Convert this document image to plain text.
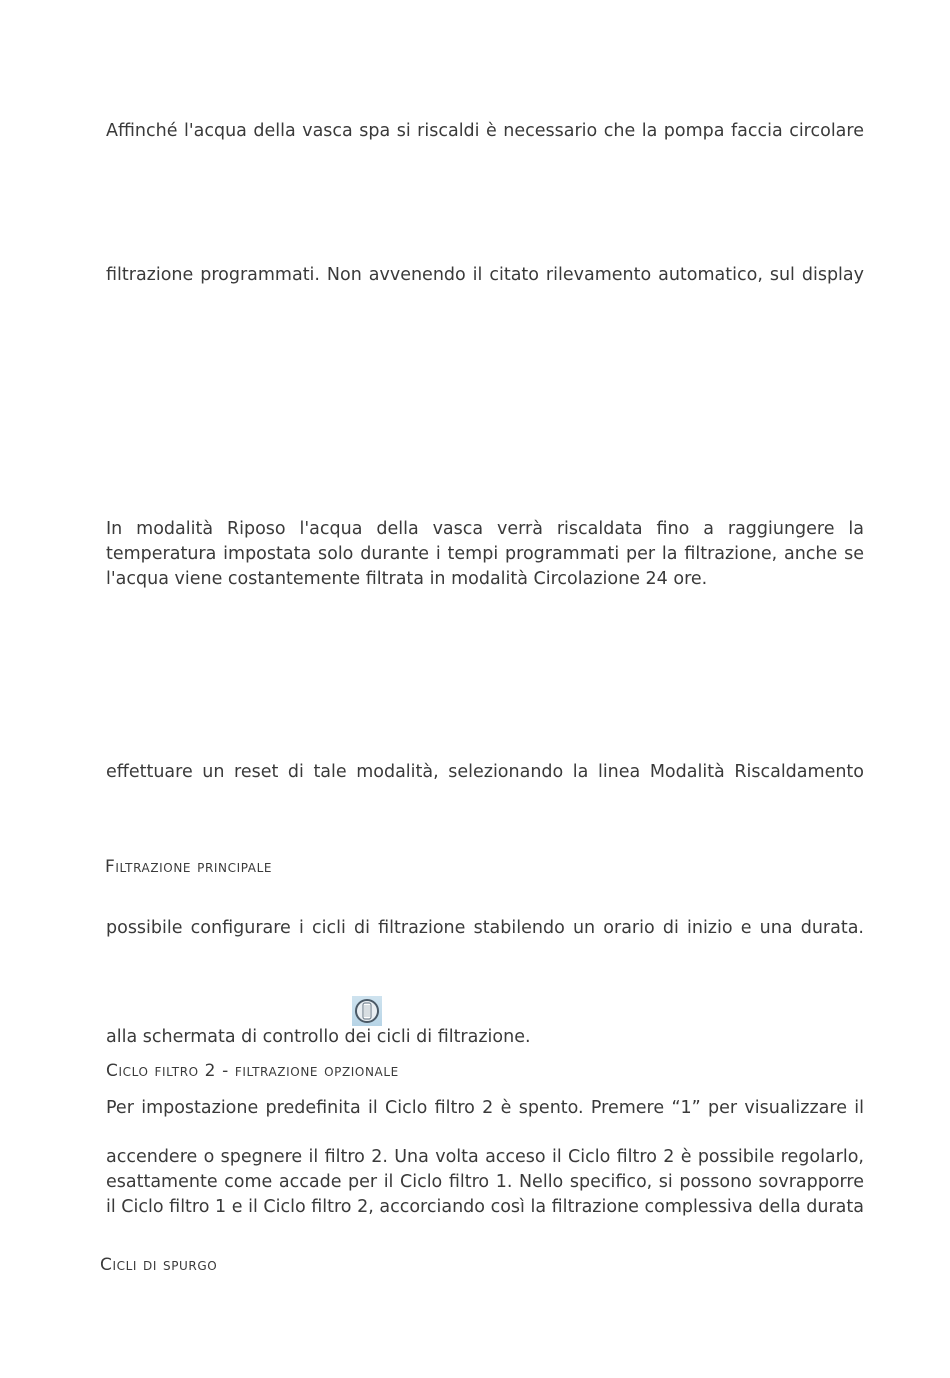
Affinché l'acqua della vasca spa si riscaldi è necessario che la pompa faccia circolare
filtrazione programmati. Non avvenendo il citato rilevamento automatico, sul display
In modalità Riposo l'acqua della vasca verrà riscaldata fino a raggiungere la
temperatura impostata solo durante i tempi programmati per la filtrazione, anche se
l'acqua viene costantemente filtrata in modalità Circolazione 24 ore.
effettuare un reset di tale modalità, selezionando la linea Modalità Riscaldamento
Filtrazione principale
possibile configurare i cicli di filtrazione stabilendo un orario di inizio e una durata.
alla schermata di controllo dei cicli di filtrazione.
Ciclo filtro 2 - filtrazione opzionale
Per impostazione predefinita il Ciclo filtro 2 è spento. Premere “1” per visualizzare il
accendere o spegnere il filtro 2. Una volta acceso il Ciclo filtro 2 è possibile regolarlo,
esattamente come accade per il Ciclo filtro 1. Nello specifico, si possono sovrapporre
il Ciclo filtro 1 e il Ciclo filtro 2, accorciando così la filtrazione complessiva della durata
Cicli di spurgo
